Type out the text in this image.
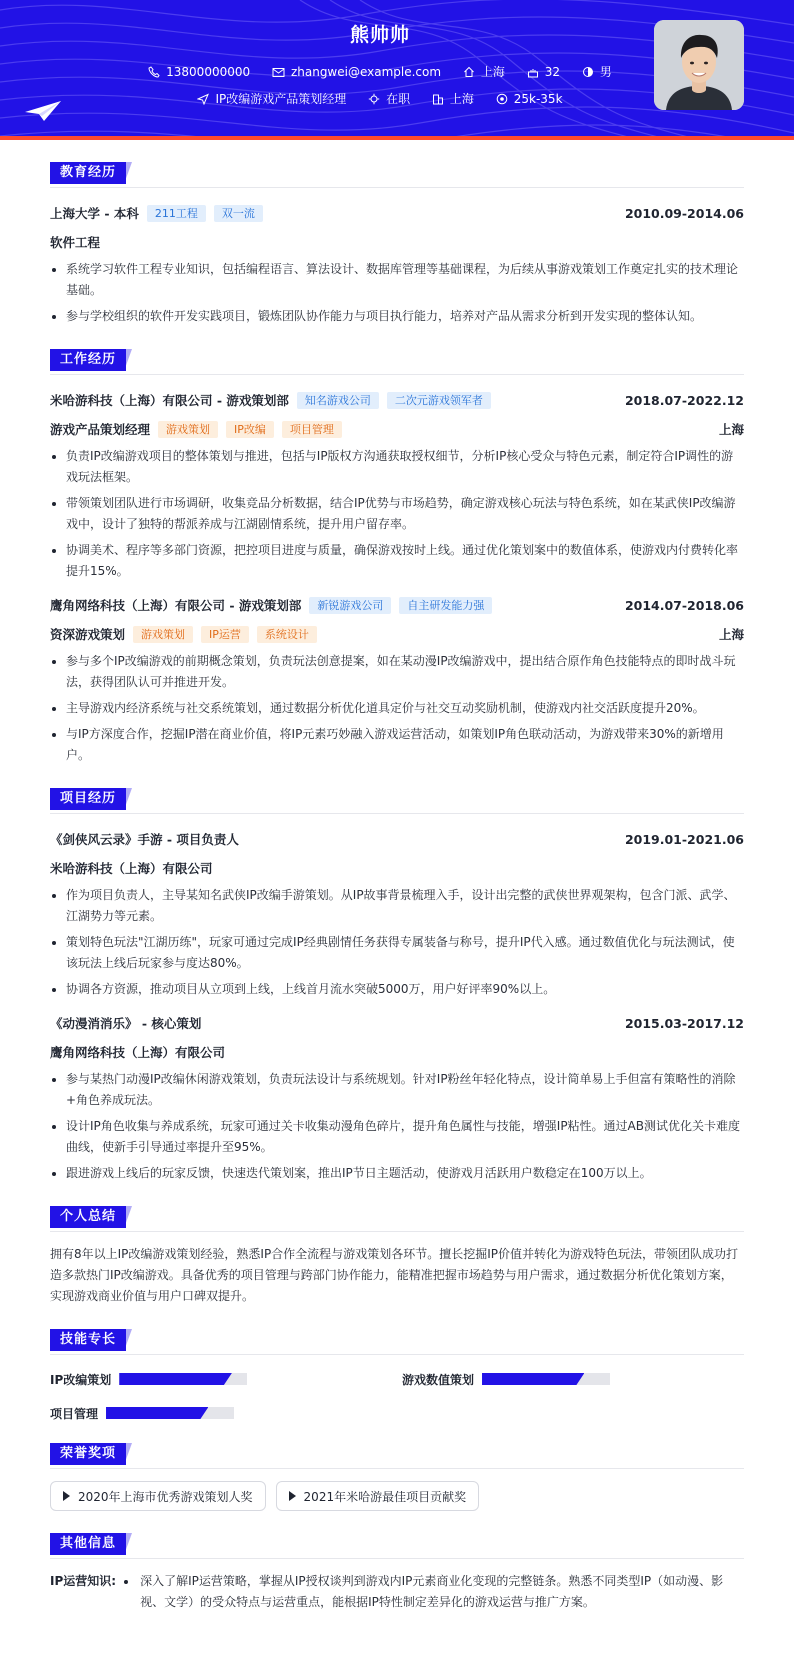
熊帅帅
13800000000
	zhangwei@example.com
	上海
	32
	男
IP改编游戏产品策划经理
	在职
	上海
	25k-35k
教育经历
上海大学 - 本科	211工程	双一流	2010.09-2014.06
软件工程
系统学习软件工程专业知识，包括编程语言、算法设计、数据库管理等基础课程，为后续从事游戏策划工作奠定扎实的技术理论基础。
参与学校组织的软件开发实践项目，锻炼团队协作能力与项目执行能力，培养对产品从需求分析到开发实现的整体认知。
工作经历
米哈游科技（上海）有限公司 - 游戏策划部	知名游戏公司	二次元游戏领军者	2018.07-2022.12
游戏产品策划经理	游戏策划	IP改编	项目管理	上海
负责IP改编游戏项目的整体策划与推进，包括与IP版权方沟通获取授权细节，分析IP核心受众与特色元素，制定符合IP调性的游戏玩法框架。
带领策划团队进行市场调研，收集竞品分析数据，结合IP优势与市场趋势，确定游戏核心玩法与特色系统，如在某武侠IP改编游戏中，设计了独特的帮派养成与江湖剧情系统，提升用户留存率。
协调美术、程序等多部门资源，把控项目进度与质量，确保游戏按时上线。通过优化策划案中的数值体系，使游戏内付费转化率提升15%。
鹰角网络科技（上海）有限公司 - 游戏策划部	新锐游戏公司	自主研发能力强	2014.07-2018.06
资深游戏策划	游戏策划	IP运营	系统设计	上海
参与多个IP改编游戏的前期概念策划，负责玩法创意提案，如在某动漫IP改编游戏中，提出结合原作角色技能特点的即时战斗玩法，获得团队认可并推进开发。
主导游戏内经济系统与社交系统策划，通过数据分析优化道具定价与社交互动奖励机制，使游戏内社交活跃度提升20%。
与IP方深度合作，挖掘IP潜在商业价值，将IP元素巧妙融入游戏运营活动，如策划IP角色联动活动，为游戏带来30%的新增用户。
项目经历
《剑侠风云录》手游 - 项目负责人	2019.01-2021.06
米哈游科技（上海）有限公司
作为项目负责人，主导某知名武侠IP改编手游策划。从IP故事背景梳理入手，设计出完整的武侠世界观架构，包含门派、武学、江湖势力等元素。
策划特色玩法"江湖历练"，玩家可通过完成IP经典剧情任务获得专属装备与称号，提升IP代入感。通过数值优化与玩法测试，使该玩法上线后玩家参与度达80%。
协调各方资源，推动项目从立项到上线，上线首月流水突破5000万，用户好评率90%以上。
《动漫消消乐》 - 核心策划	2015.03-2017.12
鹰角网络科技（上海）有限公司
参与某热门动漫IP改编休闲游戏策划，负责玩法设计与系统规划。针对IP粉丝年轻化特点，设计简单易上手但富有策略性的消除+角色养成玩法。
设计IP角色收集与养成系统，玩家可通过关卡收集动漫角色碎片，提升角色属性与技能，增强IP粘性。通过AB测试优化关卡难度曲线，使新手引导通过率提升至95%。
跟进游戏上线后的玩家反馈，快速迭代策划案，推出IP节日主题活动，使游戏月活跃用户数稳定在100万以上。
个人总结
拥有8年以上IP改编游戏策划经验，熟悉IP合作全流程与游戏策划各环节。擅长挖掘IP价值并转化为游戏特色玩法，带领团队成功打造多款热门IP改编游戏。具备优秀的项目管理与跨部门协作能力，能精准把握市场趋势与用户需求，通过数据分析优化策划方案，实现游戏商业价值与用户口碑双提升。
技能专长
IP改编策划	游戏数值策划
项目管理
荣誉奖项
2020年上海市优秀游戏策划人奖	2021年米哈游最佳项目贡献奖
其他信息
IP运营知识:	深入了解IP运营策略，掌握从IP授权谈判到游戏内IP元素商业化变现的完整链条。熟悉不同类型IP（如动漫、影视、文学）的受众特点与运营重点，能根据IP特性制定差异化的游戏运营与推广方案。
